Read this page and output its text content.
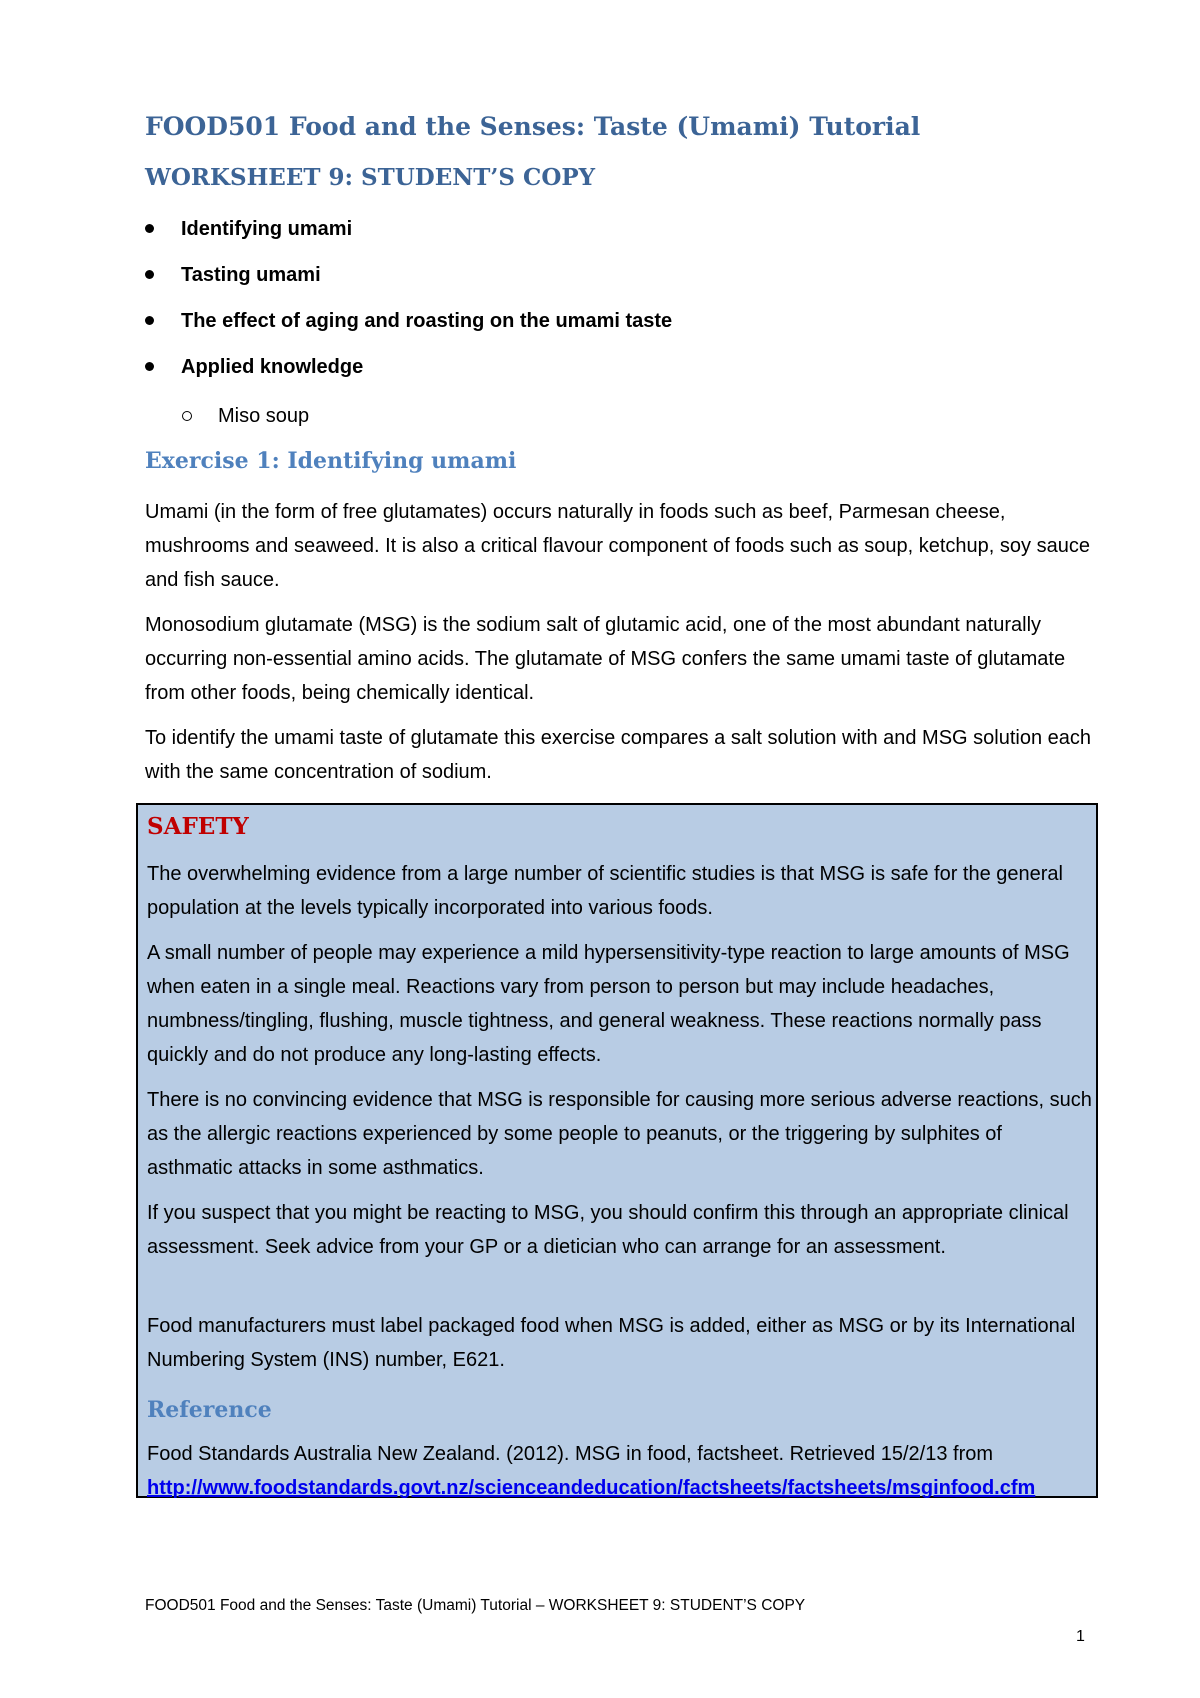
FOOD501 Food and the Senses: Taste (Umami) Tutorial
WORKSHEET 9: STUDENT’S COPY
Identifying umami
Tasting umami
The effect of aging and roasting on the umami taste
Applied knowledge
Miso soup
Exercise 1: Identifying umami

Umami (in the form of free glutamates) occurs naturally in foods such as beef, Parmesan cheese, mushrooms and seaweed. It is also a critical flavour component of foods such as soup, ketchup, soy sauce and fish sauce.

Monosodium glutamate (MSG) is the sodium salt of glutamic acid, one of the most abundant naturally occurring non-essential amino acids. The glutamate of MSG confers the same umami taste of glutamate from other foods, being chemically identical.

To identify the umami taste of glutamate this exercise compares a salt solution with and MSG solution each with the same concentration of sodium.

SAFETY

The overwhelming evidence from a large number of scientific studies is that MSG is safe for the general population at the levels typically incorporated into various foods.

A small number of people may experience a mild hypersensitivity-type reaction to large amounts of MSG when eaten in a single meal. Reactions vary from person to person but may include headaches, numbness/tingling, flushing, muscle tightness, and general weakness. These reactions normally pass quickly and do not produce any long-lasting effects.

There is no convincing evidence that MSG is responsible for causing more serious adverse reactions, such as the allergic reactions experienced by some people to peanuts, or the triggering by sulphites of asthmatic attacks in some asthmatics.

If you suspect that you might be reacting to MSG, you should confirm this through an appropriate clinical assessment. Seek advice from your GP or a dietician who can arrange for an assessment.

Food manufacturers must label packaged food when MSG is added, either as MSG or by its International Numbering System (INS) number, E621.

Reference

Food Standards Australia New Zealand. (2012). MSG in food, factsheet. Retrieved 15/2/13 from
http://www.foodstandards.govt.nz/scienceandeducation/factsheets/factsheets/msginfood.cfm

FOOD501 Food and the Senses: Taste (Umami) Tutorial – WORKSHEET 9: STUDENT’S COPY
1
